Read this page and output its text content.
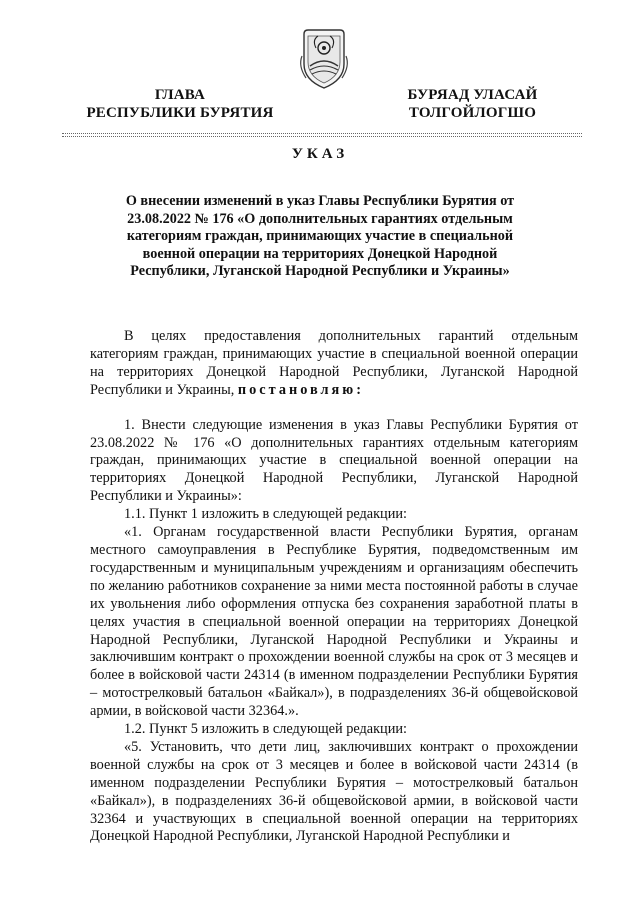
ГЛАВА
РЕСПУБЛИКИ БУРЯТИЯ
БУРЯАД УЛАСАЙ
ТОЛГОЙЛОГШО
УКАЗ
О внесении изменений в указ Главы Республики Бурятия от 23.08.2022 № 176 «О дополнительных гарантиях отдельным категориям граждан, принимающих участие в специальной военной операции на территориях Донецкой Народной Республики, Луганской Народной Республики и Украины»

В целях предоставления дополнительных гарантий отдельным категориям граждан, принимающих участие в специальной военной операции на территориях Донецкой Народной Республики, Луганской Народной Республики и Украины, постановляю:

1. Внести следующие изменения в указ Главы Республики Бурятия от 23.08.2022 № 176 «О дополнительных гарантиях отдельным категориям граждан, принимающих участие в специальной военной операции на территориях Донецкой Народной Республики, Луганской Народной Республики и Украины»:

1.1. Пункт 1 изложить в следующей редакции:

«1. Органам государственной власти Республики Бурятия, органам местного самоуправления в Республике Бурятия, подведомственным им государственным и муниципальным учреждениям и организациям обеспечить по желанию работников сохранение за ними места постоянной работы в случае их увольнения либо оформления отпуска без сохранения заработной платы в целях участия в специальной военной операции на территориях Донецкой Народной Республики, Луганской Народной Республики и Украины и заключившим контракт о прохождении военной службы на срок от 3 месяцев и более в войсковой части 24314 (в именном подразделении Республики Бурятия – мотострелковый батальон «Байкал»), в подразделениях 36-й общевойсковой армии, в войсковой части 32364.».

1.2. Пункт 5 изложить в следующей редакции:

«5. Установить, что дети лиц, заключивших контракт о прохождении военной службы на срок от 3 месяцев и более в войсковой части 24314 (в именном подразделении Республики Бурятия – мотострелковый батальон «Байкал»), в подразделениях 36-й общевойсковой армии, в войсковой части 32364 и участвующих в специальной военной операции на территориях Донецкой Народной Республики, Луганской Народной Республики и
